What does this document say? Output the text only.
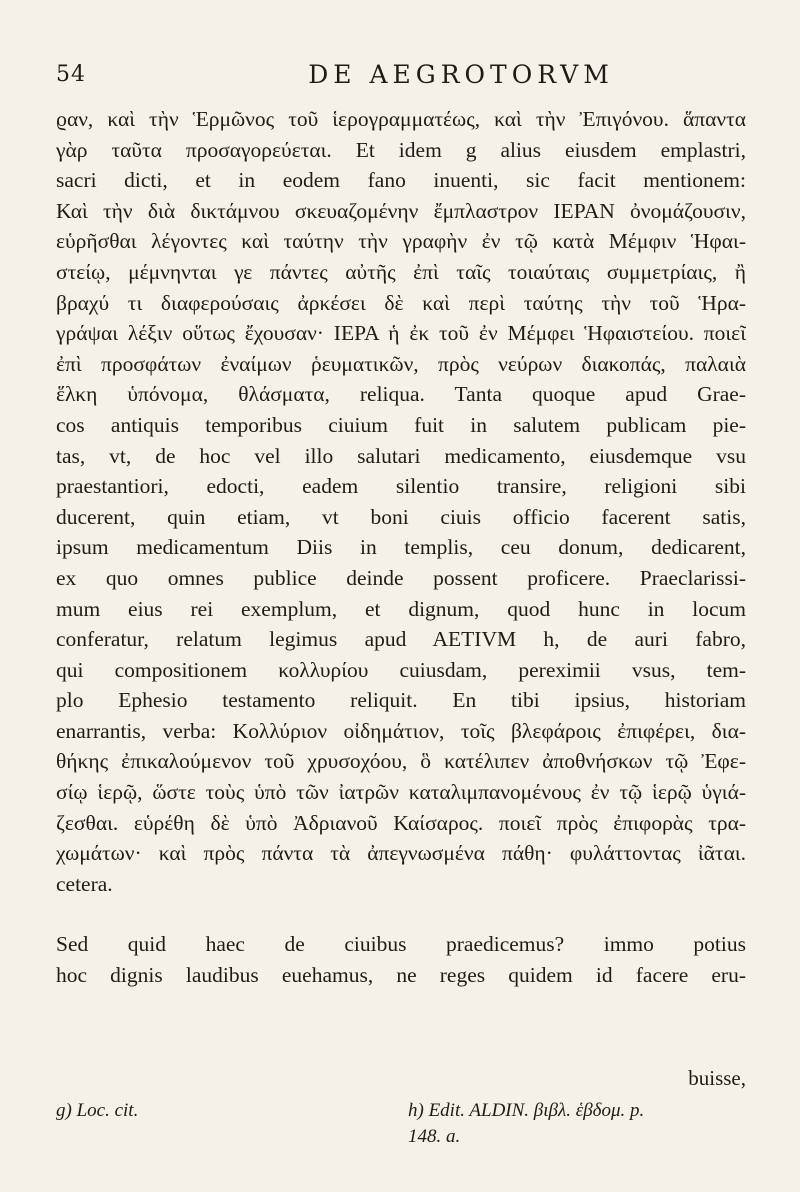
54	DE AEGROTORVM
ϱαν, καὶ τὴν Ἑρμῶνος τοῦ ἱερογραμματέως, καὶ τὴν Ἐπιγόνου. ἅπαντα
γὰρ ταῦτα προσαγορεύεται. Et idem g alius eiusdem emplastri,
sacri dicti, et in eodem fano inuenti, sic facit mentionem:
Καὶ τὴν διὰ δικτάμνου σκευαζομένην ἔμπλαστρον ΙΕΡΑΝ ὀνομάζουσιν,
εὑρῆσθαι λέγοντες καὶ ταύτην τὴν γραφὴν ἐν τῷ κατὰ Μέμφιν Ἡφαι-
στείῳ, μέμνηνται γε πάντες αὐτῆς ἐπὶ ταῖς τοιαύταις συμμετρίαις, ἢ
βραχύ τι διαφερούσαις ἀρκέσει δὲ καὶ περὶ ταύτης τὴν τοῦ Ἡρα-
γράψαι λέξιν οὕτως ἔχουσαν· ΙΕΡΑ ἡ ἐκ τοῦ ἐν Μέμφει Ἡφαιστείου. ποιεῖ
ἐπὶ προσφάτων ἐναίμων ῥευματικῶν, πρὸς νεύρων διακοπάς, παλαιὰ
ἕλκη ὑπόνομα, θλάσματα, reliqua. Tanta quoque apud Grae-
cos antiquis temporibus ciuium fuit in salutem publicam pie-
tas, vt, de hoc vel illo salutari medicamento, eiusdemque vsu
praestantiori, edocti, eadem silentio transire, religioni sibi
ducerent, quin etiam, vt boni ciuis officio facerent satis,
ipsum medicamentum Diis in templis, ceu donum, dedicarent,
ex quo omnes publice deinde possent proficere. Praeclarissi-
mum eius rei exemplum, et dignum, quod hunc in locum
conferatur, relatum legimus apud AETIVM h, de auri fabro,
qui compositionem κολλυρίου cuiusdam, pereximii vsus, tem-
plo Ephesio testamento reliquit. En tibi ipsius, historiam
enarrantis, verba: Κολλύριον οἰδημάτιον, τοῖς βλεφάροις ἐπιφέρει, δια-
θήκης ἐπικαλούμενον τοῦ χρυσοχόου, ὃ κατέλιπεν ἀποθνήσκων τῷ Ἐφε-
σίῳ ἱερῷ, ὥστε τοὺς ὑπὸ τῶν ἰατρῶν καταλιμπανομένους ἐν τῷ ἱερῷ ὑγιά-
ζεσθαι. εὑρέθη δὲ ὑπὸ Ἀδριανοῦ Καίσαρος. ποιεῖ πρὸς ἐπιφορὰς τρα-
χωμάτων· καὶ πρὸς πάντα τὰ ἀπεγνωσμένα πάθη· φυλάττοντας ἰᾶται.
cetera.
Sed quid haec de ciuibus praedicemus? immo potius
hoc dignis laudibus euehamus, ne reges quidem id facere eru-
buisse,
g) Loc. cit.	h) Edit. ALDIN. βιβλ. ἑβδομ. p.
148. a.
